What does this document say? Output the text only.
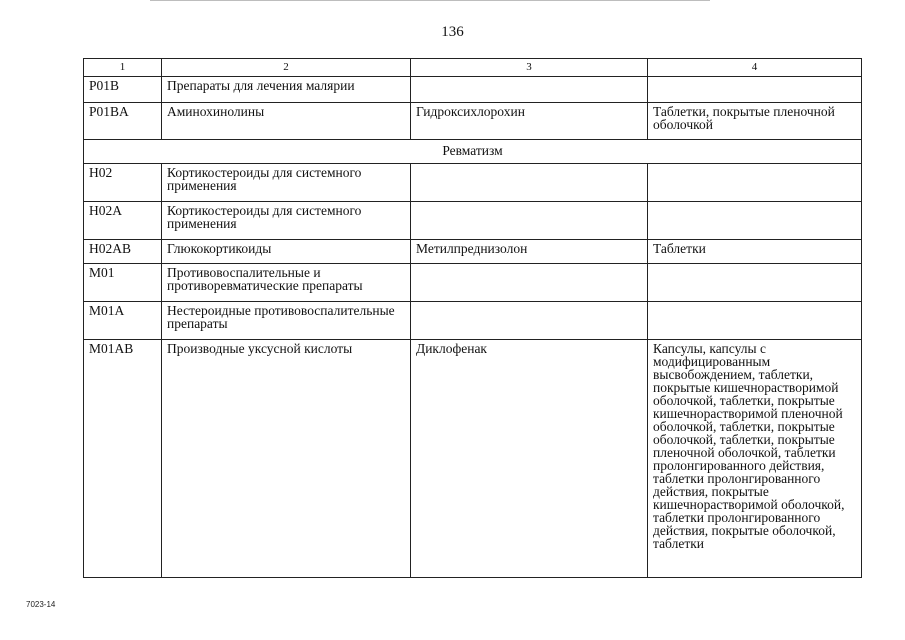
136
1	2	3	4
P01B	Препараты для лечения малярии		
P01BA	Аминохинолины	Гидроксихлорохин	Таблетки, покрытые пленочной оболочкой
Ревматизм			
H02	Кортикостероиды для системного применения		
H02A	Кортикостероиды для системного применения		
H02AB	Глюкокортикоиды	Метилпреднизолон	Таблетки
M01	Противовоспалительные и противоревматические препараты		
M01A	Нестероидные противовоспалительные препараты		
M01AB	Производные уксусной кислоты	Диклофенак	Капсулы, капсулы с модифицированным высвобождением, таблетки, покрытые кишечнорастворимой оболочкой, таблетки, покрытые кишечнорастворимой пленочной оболочкой, таблетки, покрытые оболочкой, таблетки, покрытые пленочной оболочкой, таблетки пролонгированного действия, таблетки пролонгированного действия, покрытые кишечнорастворимой оболочкой, таблетки пролонгированного действия, покрытые оболочкой, таблетки
7023-14
